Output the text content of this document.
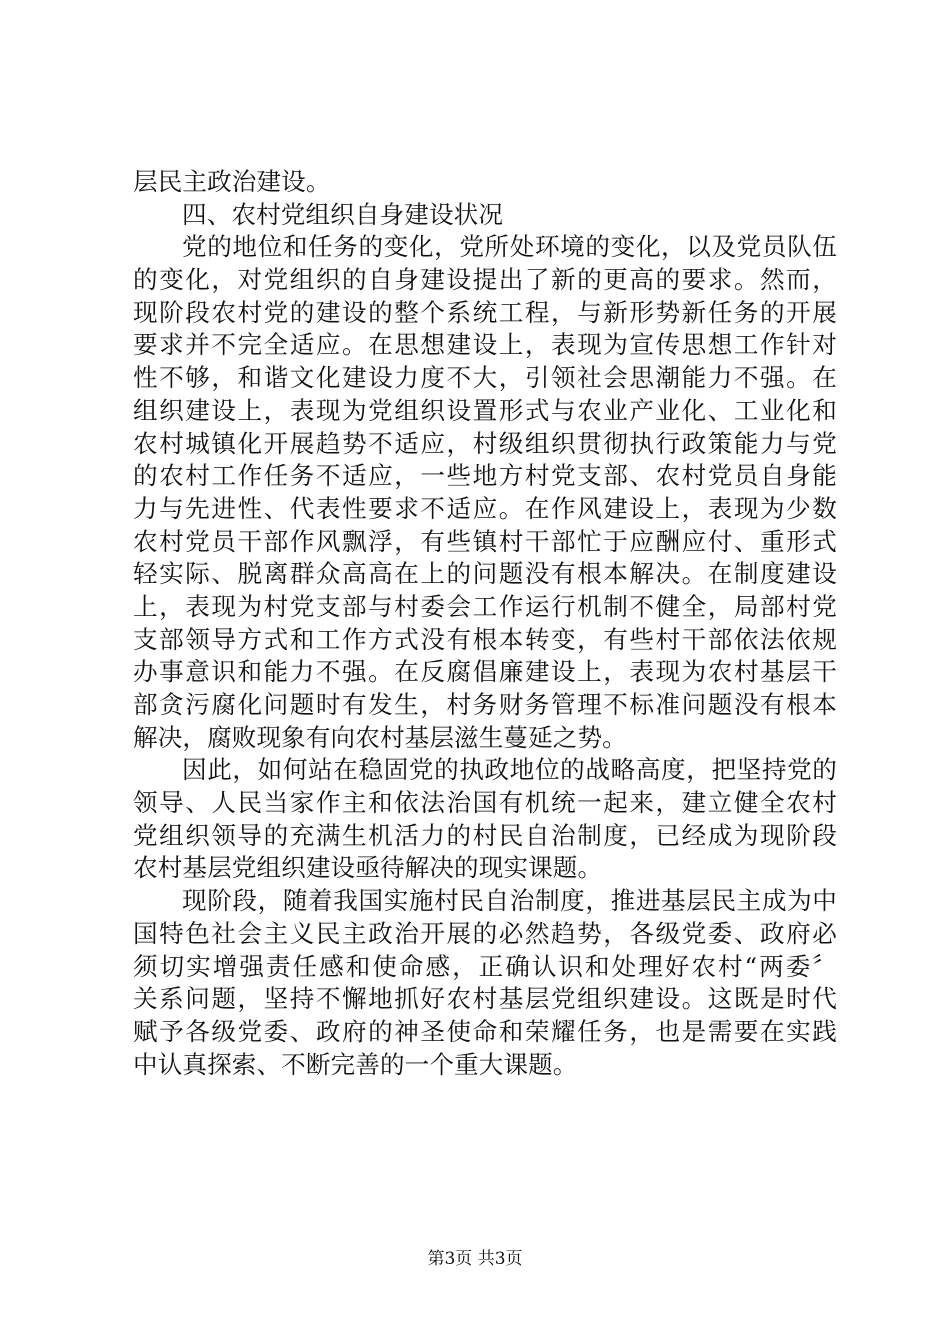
层民主政治建设。
四、农村党组织自身建设状况
党的地位和任务的变化，党所处环境的变化，以及党员队伍
的变化，对党组织的自身建设提出了新的更高的要求。然而，
现阶段农村党的建设的整个系统工程，与新形势新任务的开展
要求并不完全适应。在思想建设上，表现为宣传思想工作针对
性不够，和谐文化建设力度不大，引领社会思潮能力不强。在
组织建设上，表现为党组织设置形式与农业产业化、工业化和
农村城镇化开展趋势不适应，村级组织贯彻执行政策能力与党
的农村工作任务不适应，一些地方村党支部、农村党员自身能
力与先进性、代表性要求不适应。在作风建设上，表现为少数
农村党员干部作风飘浮，有些镇村干部忙于应酬应付、重形式
轻实际、脱离群众高高在上的问题没有根本解决。在制度建设
上，表现为村党支部与村委会工作运行机制不健全，局部村党
支部领导方式和工作方式没有根本转变，有些村干部依法依规
办事意识和能力不强。在反腐倡廉建设上，表现为农村基层干
部贪污腐化问题时有发生，村务财务管理不标准问题没有根本
解决，腐败现象有向农村基层滋生蔓延之势。
因此，如何站在稳固党的执政地位的战略高度，把坚持党的
领导、人民当家作主和依法治国有机统一起来，建立健全农村
党组织领导的充满生机活力的村民自治制度，已经成为现阶段
农村基层党组织建设亟待解决的现实课题。
现阶段，随着我国实施村民自治制度，推进基层民主成为中
国特色社会主义民主政治开展的必然趋势，各级党委、政府必
须切实增强责任感和使命感，正确认识和处理好农村“两委〞
关系问题，坚持不懈地抓好农村基层党组织建设。这既是时代
赋予各级党委、政府的神圣使命和荣耀任务，也是需要在实践
中认真探索、不断完善的一个重大课题。
第3页 共3页
